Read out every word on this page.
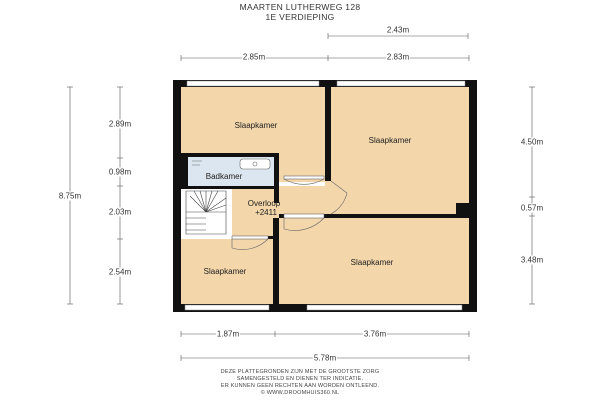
MAARTEN LUTHERWEG 128
1E VERDIEPING
2.43m
2.85m	2.83m
8.75m
2.89m
0.98m
2.03m
2.54m
4.50m
0.57m
3.48m
1.87m	3.76m
5.78m
Slaapkamer
Slaapkamer
Badkamer
Overloop
+2411
Slaapkamer
Slaapkamer
DEZE PLATTEGRONDEN ZIJN MET DE GROOTSTE ZORG
SAMENGESTELD EN DIENEN TER INDICATIE.
ER KUNNEN GEEN RECHTEN AAN WORDEN ONTLEEND.
© WWW.DROOMHUIS360.NL
